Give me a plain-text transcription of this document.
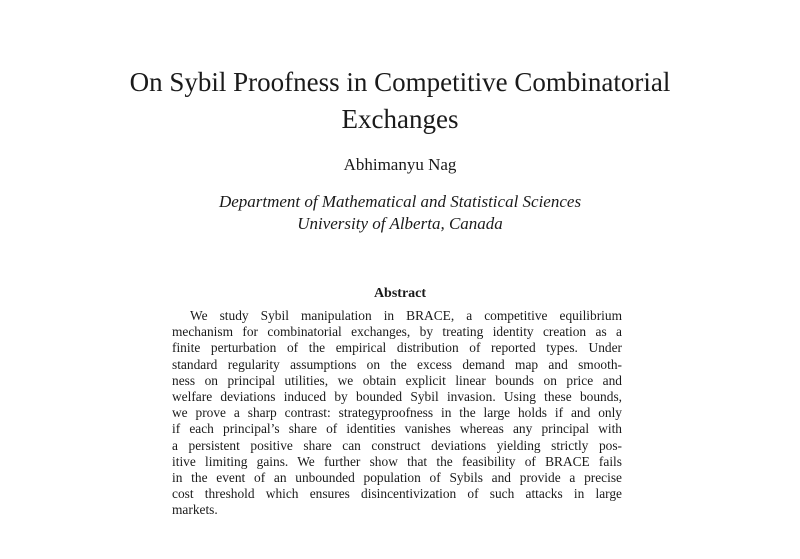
On Sybil Proofness in Competitive Combinatorial
Exchanges
Abhimanyu Nag
Department of Mathematical and Statistical Sciences
University of Alberta, Canada
Abstract
We study Sybil manipulation in BRACE, a competitive equilibrium
mechanism for combinatorial exchanges, by treating identity creation as a
finite perturbation of the empirical distribution of reported types. Under
standard regularity assumptions on the excess demand map and smooth-
ness on principal utilities, we obtain explicit linear bounds on price and
welfare deviations induced by bounded Sybil invasion. Using these bounds,
we prove a sharp contrast: strategyproofness in the large holds if and only
if each principal’s share of identities vanishes whereas any principal with
a persistent positive share can construct deviations yielding strictly pos-
itive limiting gains. We further show that the feasibility of BRACE fails
in the event of an unbounded population of Sybils and provide a precise
cost threshold which ensures disincentivization of such attacks in large
markets.
